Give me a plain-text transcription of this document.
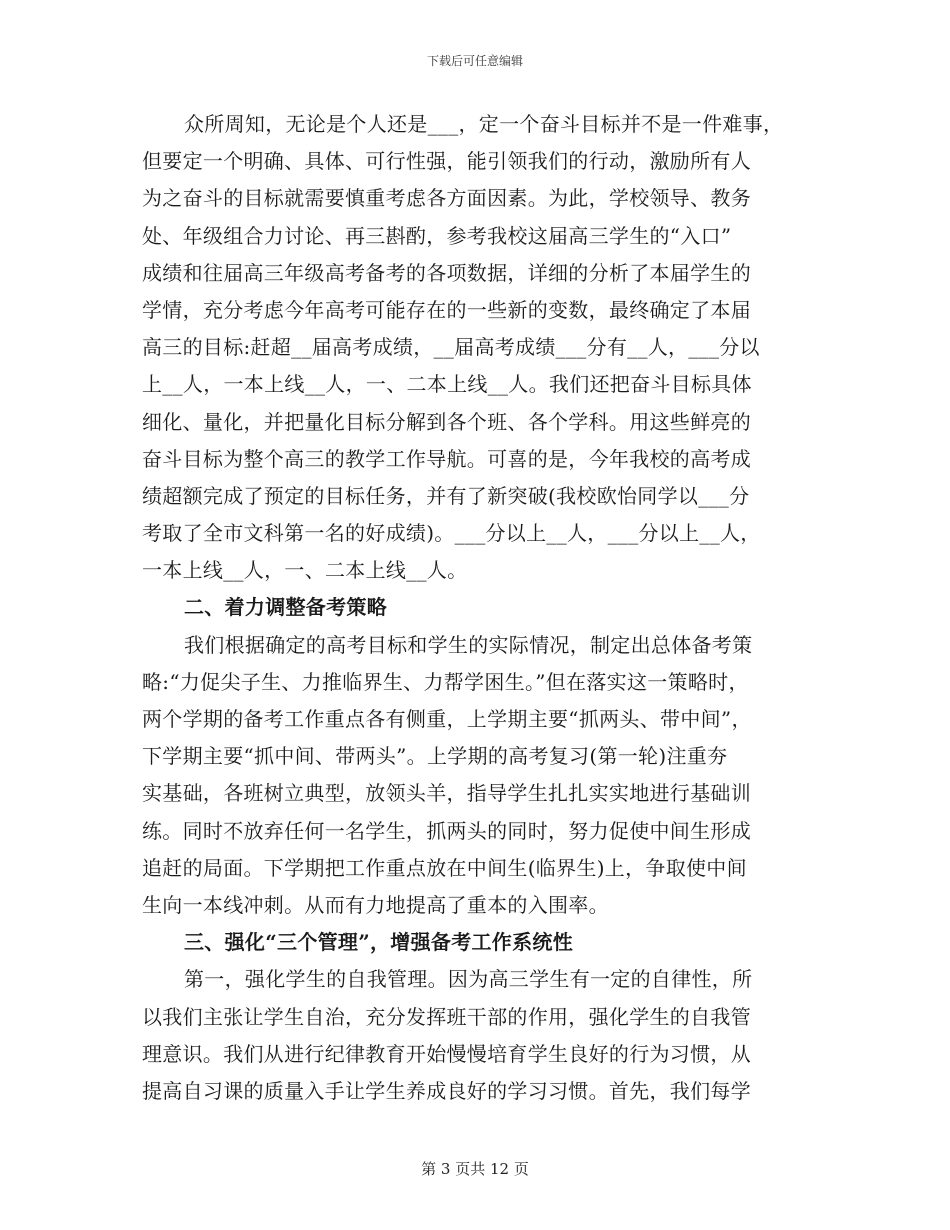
下载后可任意编辑
众所周知，无论是个人还是___，定一个奋斗目标并不是一件难事，
但要定一个明确、具体、可行性强，能引领我们的行动，激励所有人
为之奋斗的目标就需要慎重考虑各方面因素。为此，学校领导、教务
处、年级组合力讨论、再三斟酌，参考我校这届高三学生的“入口”
成绩和往届高三年级高考备考的各项数据，详细的分析了本届学生的
学情，充分考虑今年高考可能存在的一些新的变数，最终确定了本届
高三的目标:赶超__届高考成绩，__届高考成绩___分有__人，___分以
上__人，一本上线__人，一、二本上线__人。我们还把奋斗目标具体
细化、量化，并把量化目标分解到各个班、各个学科。用这些鲜亮的
奋斗目标为整个高三的教学工作导航。可喜的是，今年我校的高考成
绩超额完成了预定的目标任务，并有了新突破(我校欧怡同学以___分
考取了全市文科第一名的好成绩)。___分以上__人，___分以上__人，
一本上线__人，一、二本上线__人。
二、着力调整备考策略
我们根据确定的高考目标和学生的实际情况，制定出总体备考策
略:“力促尖子生、力推临界生、力帮学困生。”但在落实这一策略时，
两个学期的备考工作重点各有侧重，上学期主要“抓两头、带中间”，
下学期主要“抓中间、带两头”。上学期的高考复习(第一轮)注重夯
实基础，各班树立典型，放领头羊，指导学生扎扎实实地进行基础训
练。同时不放弃任何一名学生，抓两头的同时，努力促使中间生形成
追赶的局面。下学期把工作重点放在中间生(临界生)上，争取使中间
生向一本线冲刺。从而有力地提高了重本的入围率。
三、强化“三个管理”，增强备考工作系统性
第一，强化学生的自我管理。因为高三学生有一定的自律性，所
以我们主张让学生自治，充分发挥班干部的作用，强化学生的自我管
理意识。我们从进行纪律教育开始慢慢培育学生良好的行为习惯，从
提高自习课的质量入手让学生养成良好的学习习惯。首先，我们每学
第 3 页共 12 页
